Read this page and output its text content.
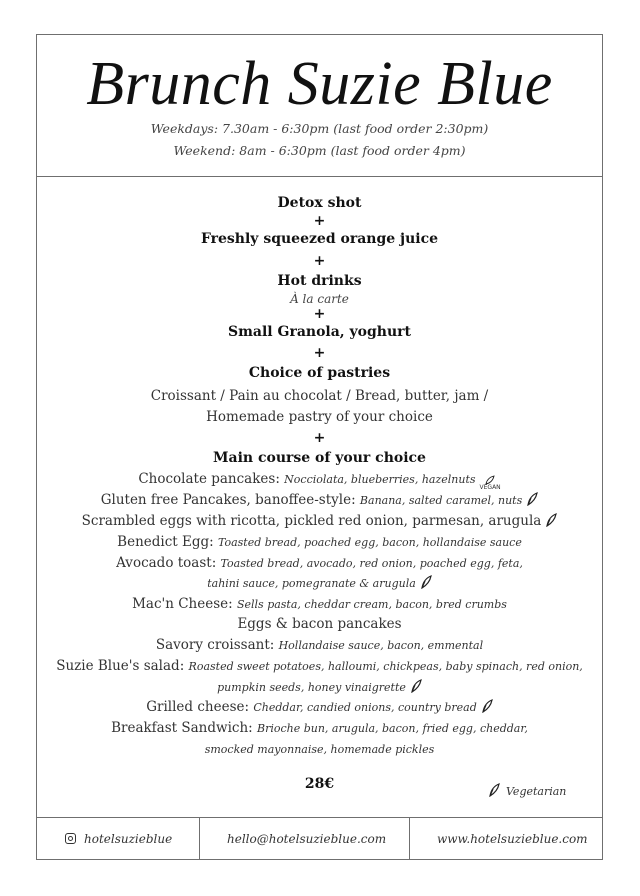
Brunch Suzie Blue
Weekdays: 7.30am - 6:30pm (last food order 2:30pm)
Weekend: 8am - 6:30pm (last food order 4pm)
Detox shot
+
Freshly squeezed orange juice
+
Hot drinks
À la carte
+
Small Granola, yoghurt
+
Choice of pastries
Croissant / Pain au chocolat / Bread, butter, jam /
Homemade pastry of your choice
+
Main course of your choice
Chocolate pancakes: Nocciolata, blueberries, hazelnuts
VEGAN
Gluten free Pancakes, banoffee-style: Banana, salted caramel, nuts
Scrambled eggs with ricotta, pickled red onion, parmesan, arugula
Benedict Egg: Toasted bread, poached egg, bacon, hollandaise sauce
Avocado toast: Toasted bread, avocado, red onion, poached egg, feta,
tahini sauce, pomegranate & arugula
Mac'n Cheese: Sells pasta, cheddar cream, bacon, bred crumbs
Eggs & bacon pancakes
Savory croissant: Hollandaise sauce, bacon, emmental
Suzie Blue's salad: Roasted sweet potatoes, halloumi, chickpeas, baby spinach, red onion,
pumpkin seeds, honey vinaigrette
Grilled cheese: Cheddar, candied onions, country bread
Breakfast Sandwich: Brioche bun, arugula, bacon, fried egg, cheddar,
smocked mayonnaise, homemade pickles
28€	Vegetarian
hotelsuzieblue	hello@hotelsuzieblue.com	www.hotelsuzieblue.com
